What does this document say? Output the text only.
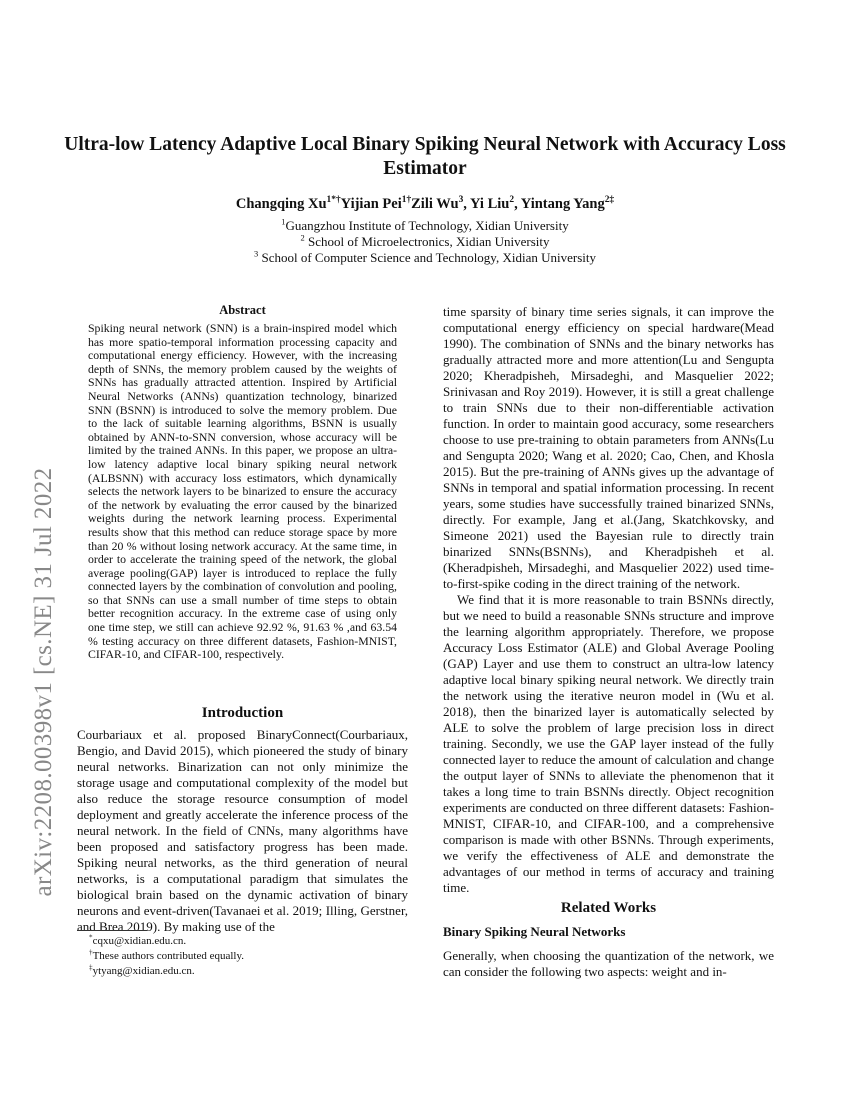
arXiv:2208.00398v1 [cs.NE] 31 Jul 2022
Ultra-low Latency Adaptive Local Binary Spiking Neural Network with Accuracy Loss Estimator
Changqing $Xu^{1*\dagger}Yijian$ Pei$^{1\dagger}$Zili Wu$^3$, Yi Liu$^2$, Yintang Yang$^{2\ddagger}$
$^1$Guangzhou Institute of Technology, Xidian University
$^2$ School of Microelectronics, Xidian University
$^3$ School of Computer Science and Technology, Xidian University
Abstract
Spiking neural network (SNN) is a brain-inspired model which has more spatio-temporal information processing capacity and computational energy efficiency. However, with the increasing depth of SNNs, the memory problem caused by the weights of SNNs has gradually attracted attention. Inspired by Artificial Neural Networks (ANNs) quantization technology, binarized SNN (BSNN) is introduced to solve the memory problem. Due to the lack of suitable learning algorithms, BSNN is usually obtained by ANN-to-SNN conversion, whose accuracy will be limited by the trained ANNs. In this paper, we propose an ultra-low latency adaptive local binary spiking neural network (ALBSNN) with accuracy loss estimators, which dynamically selects the network layers to be binarized to ensure the accuracy of the network by evaluating the error caused by the binarized weights during the network learning process. Experimental results show that this method can reduce storage space by more than 20 % without losing network accuracy. At the same time, in order to accelerate the training speed of the network, the global average pooling(GAP) layer is introduced to replace the fully connected layers by the combination of convolution and pooling, so that SNNs can use a small number of time steps to obtain better recognition accuracy. In the extreme case of using only one time step, we still can achieve 92.92 %, 91.63 % ,and 63.54 % testing accuracy on three different datasets, Fashion-MNIST, CIFAR-10, and CIFAR-100, respectively.
Introduction
Courbariaux et al. proposed BinaryConnect(Courbariaux, Bengio, and David 2015), which pioneered the study of binary neural networks. Binarization can not only minimize the storage usage and computational complexity of the model but also reduce the storage resource consumption of model deployment and greatly accelerate the inference process of the neural network. In the field of CNNs, many algorithms have been proposed and satisfactory progress has been made. Spiking neural networks, as the third generation of neural networks, is a computational paradigm that simulates the biological brain based on the dynamic activation of binary neurons and event-driven(Tavanaei et al. 2019; Illing, Gerstner, and Brea 2019). By making use of the
*cqxu@xidian.edu.cn.
†These authors contributed equally.
‡ytyang@xidian.edu.cn.

time sparsity of binary time series signals, it can improve the computational energy efficiency on special hardware(Mead 1990). The combination of SNNs and the binary networks has gradually attracted more and more attention(Lu and Sengupta 2020; Kheradpisheh, Mirsadeghi, and Masquelier 2022; Srinivasan and Roy 2019). However, it is still a great challenge to train SNNs due to their non-differentiable activation function. In order to maintain good accuracy, some researchers choose to use pre-training to obtain parameters from ANNs(Lu and Sengupta 2020; Wang et al. 2020; Cao, Chen, and Khosla 2015). But the pre-training of ANNs gives up the advantage of SNNs in temporal and spatial information processing. In recent years, some studies have successfully trained binarized SNNs, directly. For example, Jang et al.(Jang, Skatchkovsky, and Simeone 2021) used the Bayesian rule to directly train binarized SNNs(BSNNs), and Kheradpisheh et al.(Kheradpisheh, Mirsadeghi, and Masquelier 2022) used time-to-first-spike coding in the direct training of the network.

We find that it is more reasonable to train BSNNs directly, but we need to build a reasonable SNNs structure and improve the learning algorithm appropriately. Therefore, we propose Accuracy Loss Estimator (ALE) and Global Average Pooling (GAP) Layer and use them to construct an ultra-low latency adaptive local binary spiking neural network. We directly train the network using the iterative neuron model in (Wu et al. 2018), then the binarized layer is automatically selected by ALE to solve the problem of large precision loss in direct training. Secondly, we use the GAP layer instead of the fully connected layer to reduce the amount of calculation and change the output layer of SNNs to alleviate the phenomenon that it takes a long time to train BSNNs directly. Object recognition experiments are conducted on three different datasets: Fashion-MNIST, CIFAR-10, and CIFAR-100, and a comprehensive comparison is made with other BSNNs. Through experiments, we verify the effectiveness of ALE and demonstrate the advantages of our method in terms of accuracy and training time.

Related Works
Binary Spiking Neural Networks
Generally, when choosing the quantization of the network, we can consider the following two aspects: weight and in-
